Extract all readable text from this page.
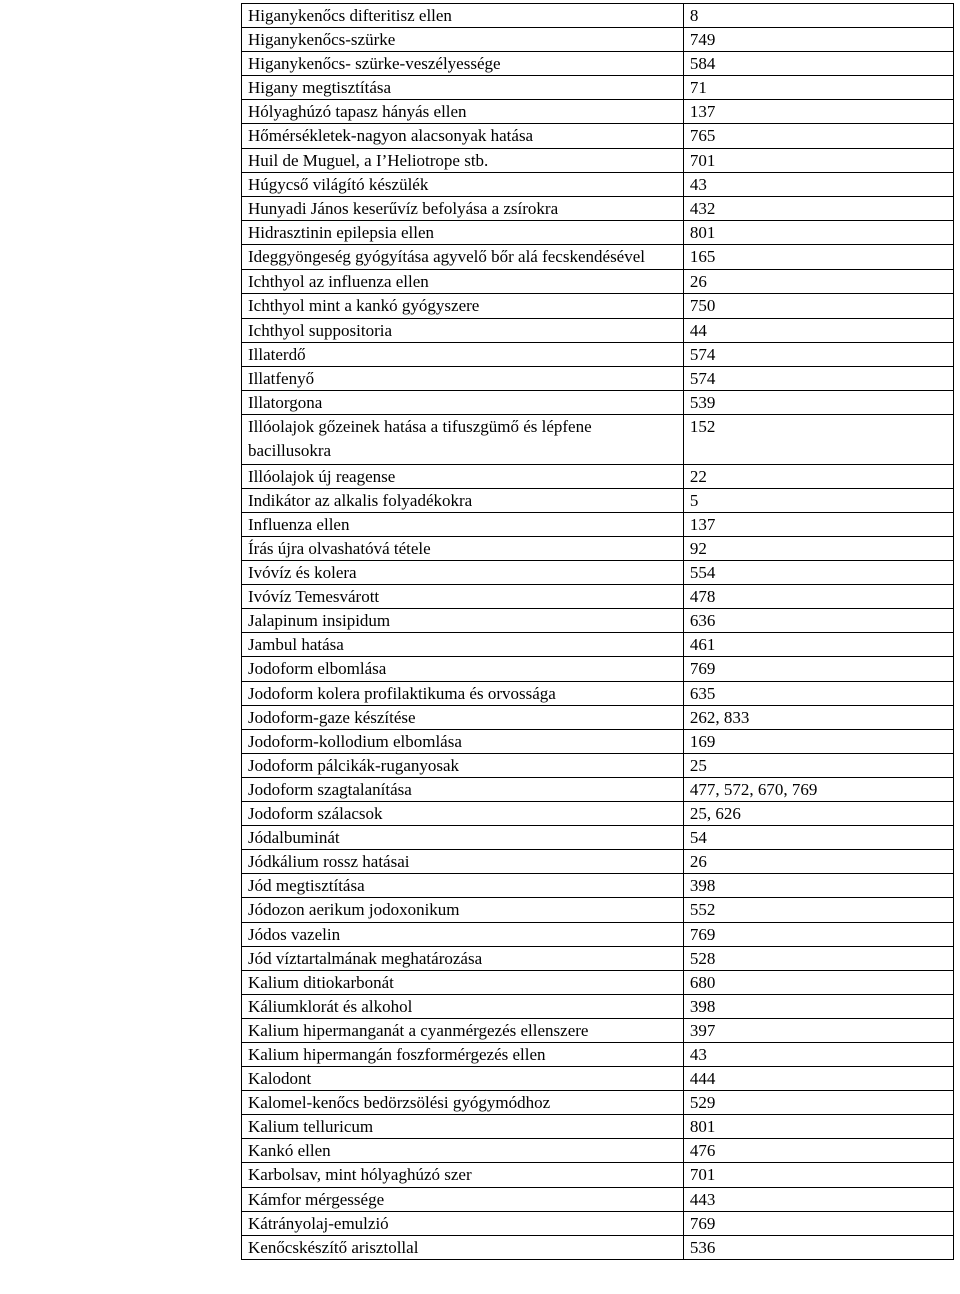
Higanykenőcs difteritisz ellen	8
Higanykenőcs-szürke	749
Higanykenőcs- szürke-veszélyessége	584
Higany megtisztítása	71
Hólyaghúzó tapasz hányás ellen	137
Hőmérsékletek-nagyon alacsonyak hatása	765
Huil de Muguel, a I’Heliotrope stb.	701
Húgycső világító készülék	43
Hunyadi János keserűvíz befolyása a zsírokra	432
Hidrasztinin epilepsia ellen	801
Ideggyöngeség gyógyítása agyvelő bőr alá fecskendésével	165
Ichthyol az influenza ellen	26
Ichthyol mint a kankó gyógyszere	750
Ichthyol suppositoria	44
Illaterdő	574
Illatfenyő	574
Illatorgona	539
Illóolajok gőzeinek hatása a tifuszgümő és lépfene bacillusokra	152
Illóolajok új reagense	22
Indikátor az alkalis folyadékokra	5
Influenza ellen	137
Írás újra olvashatóvá tétele	92
Ivóvíz és kolera	554
Ivóvíz Temesvárott	478
Jalapinum insipidum	636
Jambul hatása	461
Jodoform elbomlása	769
Jodoform kolera profilaktikuma és orvossága	635
Jodoform-gaze készítése	262, 833
Jodoform-kollodium elbomlása	169
Jodoform pálcikák-ruganyosak	25
Jodoform szagtalanítása	477, 572, 670, 769
Jodoform szálacsok	25, 626
Jódalbuminát	54
Jódkálium rossz hatásai	26
Jód megtisztítása	398
Jódozon aerikum jodoxonikum	552
Jódos vazelin	769
Jód víztartalmának meghatározása	528
Kalium ditiokarbonát	680
Káliumklorát és alkohol	398
Kalium hipermanganát a cyanmérgezés ellenszere	397
Kalium hipermangán foszformérgezés ellen	43
Kalodont	444
Kalomel-kenőcs bedörzsölési gyógymódhoz	529
Kalium telluricum	801
Kankó ellen	476
Karbolsav, mint hólyaghúzó szer	701
Kámfor mérgessége	443
Kátrányolaj-emulzió	769
Kenőcskészítő arisztollal	536
